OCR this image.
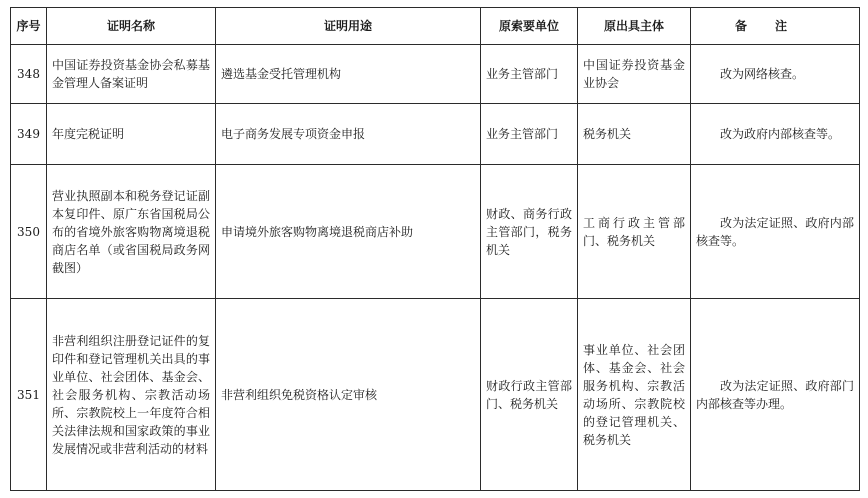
序号	证明名称	证明用途	原索要单位	原出具主体	备注
348	中国证券投资基金协会私募基金管理人备案证明	遴选基金受托管理机构	业务主管部门	中国证券投资基金业协会	改为网络核查。
349	年度完税证明	电子商务发展专项资金申报	业务主管部门	税务机关	改为政府内部核查等。
350	营业执照副本和税务登记证副本复印件、原广东省国税局公布的省境外旅客购物离境退税商店名单（或省国税局政务网截图）	申请境外旅客购物离境退税商店补助	财政、商务行政主管部门，税务机关	工商行政主管部门、税务机关	改为法定证照、政府内部核查等。
351	非营利组织注册登记证件的复印件和登记管理机关出具的事业单位、社会团体、基金会、社会服务机构、宗教活动场所、宗教院校上一年度符合相关法律法规和国家政策的事业发展情况或非营利活动的材料	非营利组织免税资格认定审核	财政行政主管部门、税务机关	事业单位、社会团体、基金会、社会服务机构、宗教活动场所、宗教院校的登记管理机关、税务机关	改为法定证照、政府部门内部核查等办理。
